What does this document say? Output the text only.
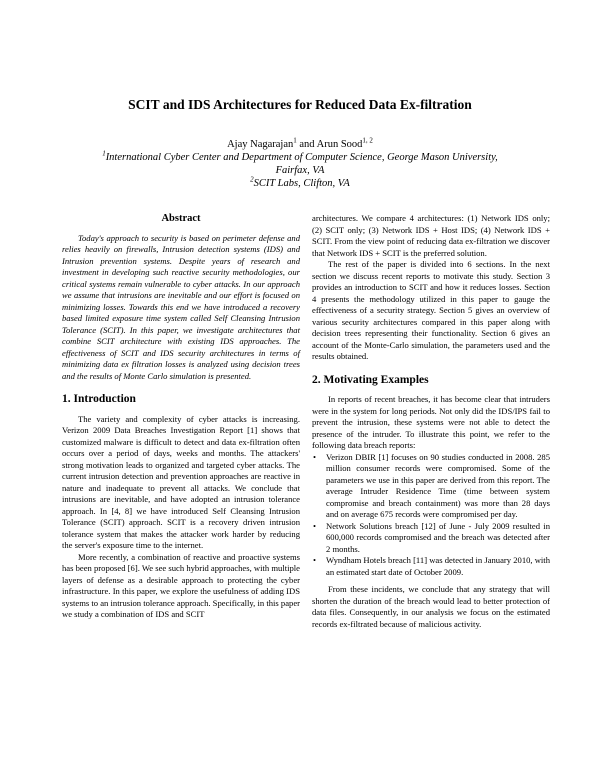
SCIT and IDS Architectures for Reduced Data Ex-filtration
Ajay Nagarajan$^1$ and Arun Sood$^{1, 2}$
$^1$International Cyber Center and Department of Computer Science, George Mason University,
Fairfax, VA
$^2$SCIT Labs, Clifton, VA
Abstract

Today's approach to security is based on perimeter defense and relies heavily on firewalls, Intrusion detection systems (IDS) and Intrusion prevention systems. Despite years of research and investment in developing such reactive security methodologies, our critical systems remain vulnerable to cyber attacks. In our approach we assume that intrusions are inevitable and our effort is focused on minimizing losses. Towards this end we have introduced a recovery based limited exposure time system called Self Cleansing Intrusion Tolerance (SCIT). In this paper, we investigate architectures that combine SCIT architecture with existing IDS approaches. The effectiveness of SCIT and IDS security architectures in terms of minimizing data ex filtration losses is analyzed using decision trees and the results of Monte Carlo simulation is presented.

1. Introduction

The variety and complexity of cyber attacks is increasing. Verizon 2009 Data Breaches Investigation Report [1] shows that customized malware is difficult to detect and data ex-filtration often occurs over a period of days, weeks and months. The attackers' strong motivation leads to organized and targeted cyber attacks. The current intrusion detection and prevention approaches are reactive in nature and inadequate to prevent all attacks. We conclude that intrusions are inevitable, and have adopted an intrusion tolerance approach. In [4, 8] we have introduced Self Cleansing Intrusion Tolerance (SCIT) approach. SCIT is a recovery driven intrusion tolerance system that makes the attacker work harder by reducing the server's exposure time to the internet.

More recently, a combination of reactive and proactive systems has been proposed [6]. We see such hybrid approaches, with multiple layers of defense as a desirable approach to protecting the cyber infrastructure. In this paper, we explore the usefulness of adding IDS systems to an intrusion tolerance approach. Specifically, in this paper we study a combination of IDS and SCIT

architectures. We compare 4 architectures: (1) Network IDS only; (2) SCIT only; (3) Network IDS + Host IDS; (4) Network IDS + SCIT. From the view point of reducing data ex-filtration we discover that Network IDS + SCIT is the preferred solution.

The rest of the paper is divided into 6 sections. In the next section we discuss recent reports to motivate this study. Section 3 provides an introduction to SCIT and how it reduces losses. Section 4 presents the methodology utilized in this paper to gauge the effectiveness of a security strategy. Section 5 gives an overview of various security architectures compared in this paper along with decision trees representing their functionality. Section 6 gives an account of the Monte-Carlo simulation, the parameters used and the results obtained.

2. Motivating Examples

In reports of recent breaches, it has become clear that intruders were in the system for long periods. Not only did the IDS/IPS fail to prevent the intrusion, these systems were not able to detect the presence of the intruder. To illustrate this point, we refer to the following data breach reports:

• Verizon DBIR [1] focuses on 90 studies conducted in 2008. 285 million consumer records were compromised. Some of the parameters we use in this paper are derived from this report. The average Intruder Residence Time (time between system compromise and breach containment) was more than 28 days and on average 675 records were compromised per day.
• Network Solutions breach [12] of June - July 2009 resulted in 600,000 records compromised and the breach was detected after 2 months.
• Wyndham Hotels breach [11] was detected in January 2010, with an estimated start date of October 2009.

From these incidents, we conclude that any strategy that will shorten the duration of the breach would lead to better protection of data files. Consequently, in our analysis we focus on the estimated records ex-filtrated because of malicious activity.
